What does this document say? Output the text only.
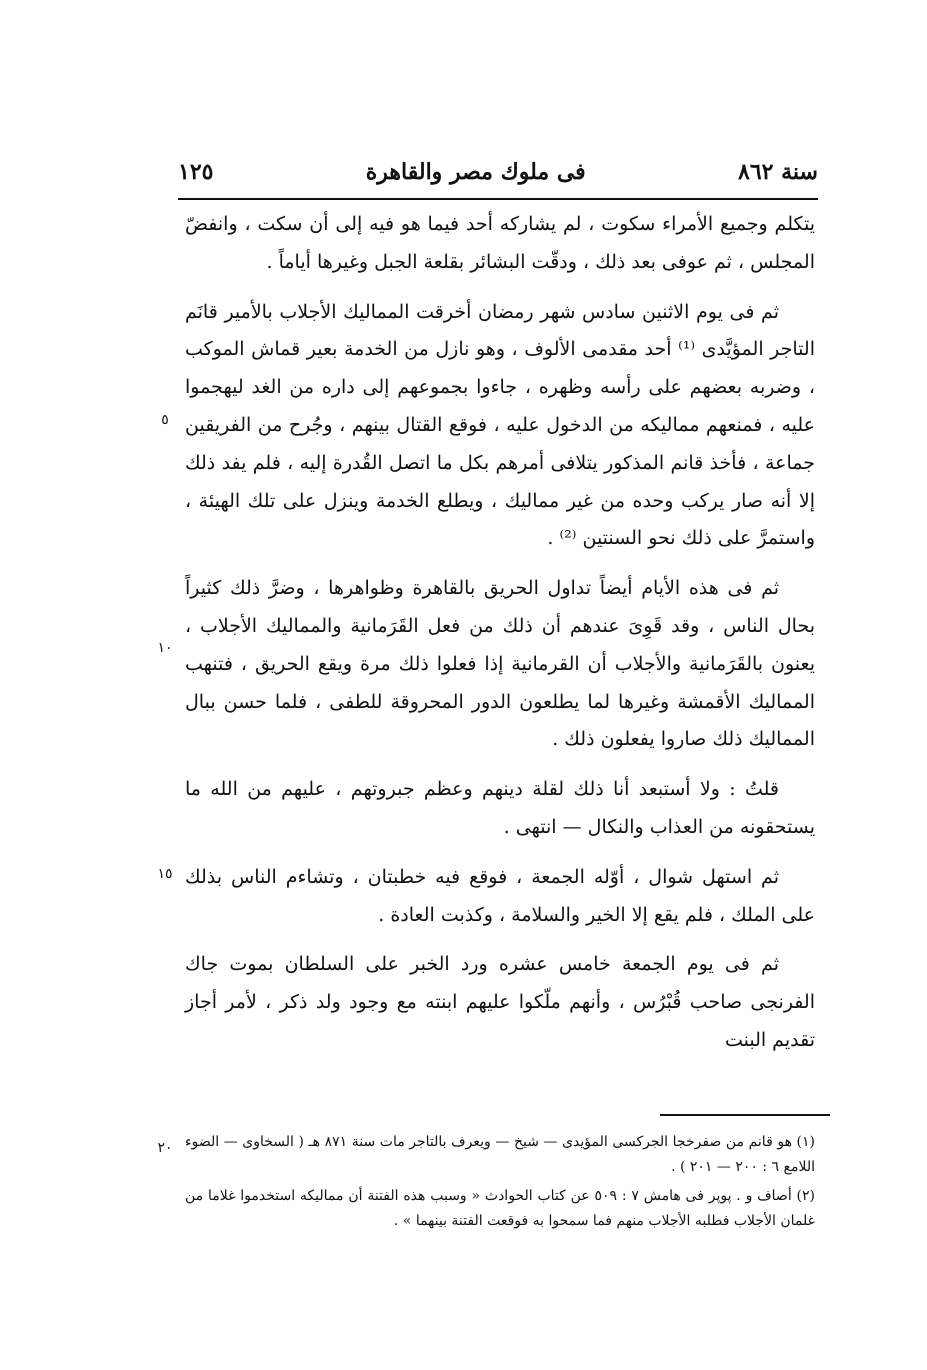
سنة ٨٦٢
فى ملوك مصر والقاهرة
١٢٥

يتكلم وجميع الأمراء سكوت ، لم يشاركه أحد فيما هو فيه إلى أن سكت ، وانفضّ المجلس ، ثم عوفى بعد ذلك ، ودقّت البشائر بقلعة الجبل وغيرها أياماً .

ثم فى يوم الاثنين سادس شهر رمضان أخرقت المماليك الأجلاب بالأمير قانَم التاجر المؤيَّدى ⁽¹⁾ أحد مقدمى الألوف ، وهو نازل من الخدمة بعير قماش الموكب ، وضربه بعضهم على رأسه وظهره ، جاءوا بجموعهم إلى داره من الغد ليهجموا عليه ، فمنعهم مماليكه من الدخول عليه ، فوقع القتال بينهم ، وجُرح من الفريقين جماعة ، فأخذ قانم المذكور يتلافى أمرهم بكل ما اتصل القُدرة إليه ، فلم يفد ذلك إلا أنه صار يركب وحده من غير مماليك ، ويطلع الخدمة وينزل على تلك الهيئة ، واستمرَّ على ذلك نحو السنتين ⁽²⁾ .

ثم فى هذه الأيام أيضاً تداول الحريق بالقاهرة وظواهرها ، وضرَّ ذلك كثيراً بحال الناس ، وقد قَوِىَ عندهم أن ذلك من فعل القَرَمانية والمماليك الأجلاب ، يعنون بالقَرَمانية والأجلاب أن القرمانية إذا فعلوا ذلك مرة ويقع الحريق ، فتنهب المماليك الأقمشة وغيرها لما يطلعون الدور المحروقة للطفى ، فلما حسن ببال المماليك ذلك صاروا يفعلون ذلك .

قلتُ : ولا أستبعد أنا ذلك لقلة دينهم وعظم جبروتهم ، عليهم من الله ما يستحقونه من العذاب والنكال — انتهى .

ثم استهل شوال ، أوّله الجمعة ، فوقع فيه خطبتان ، وتشاءم الناس بذلك على الملك ، فلم يقع إلا الخير والسلامة ، وكذبت العادة .

ثم فى يوم الجمعة خامس عشره ورد الخبر على السلطان بموت جاك الفرنجى صاحب قُبْرُس ، وأنهم ملّكوا عليهم ابنته مع وجود ولد ذكر ، لأمر أجاز تقديم البنت

٥
١٠
١٥
٢٠ (١) هو قانم من صفرخجا الجركسى المؤيدى — شيخ — ويعرف بالتاجر مات سنة ٨٧١ هـ ( السخاوى — الضوء اللامع ٦ : ٢٠٠ — ٢٠١ ) .

(٢) أصاف و . پوپر فى هامش ٧ : ٥٠٩ عن كتاب الحوادث « وسبب هذه الفتنة أن مماليكه استخدموا غلاما من غلمان الأجلاب فطلبه الأجلاب منهم فما سمحوا به فوقعت الفتنة بينهما » .
